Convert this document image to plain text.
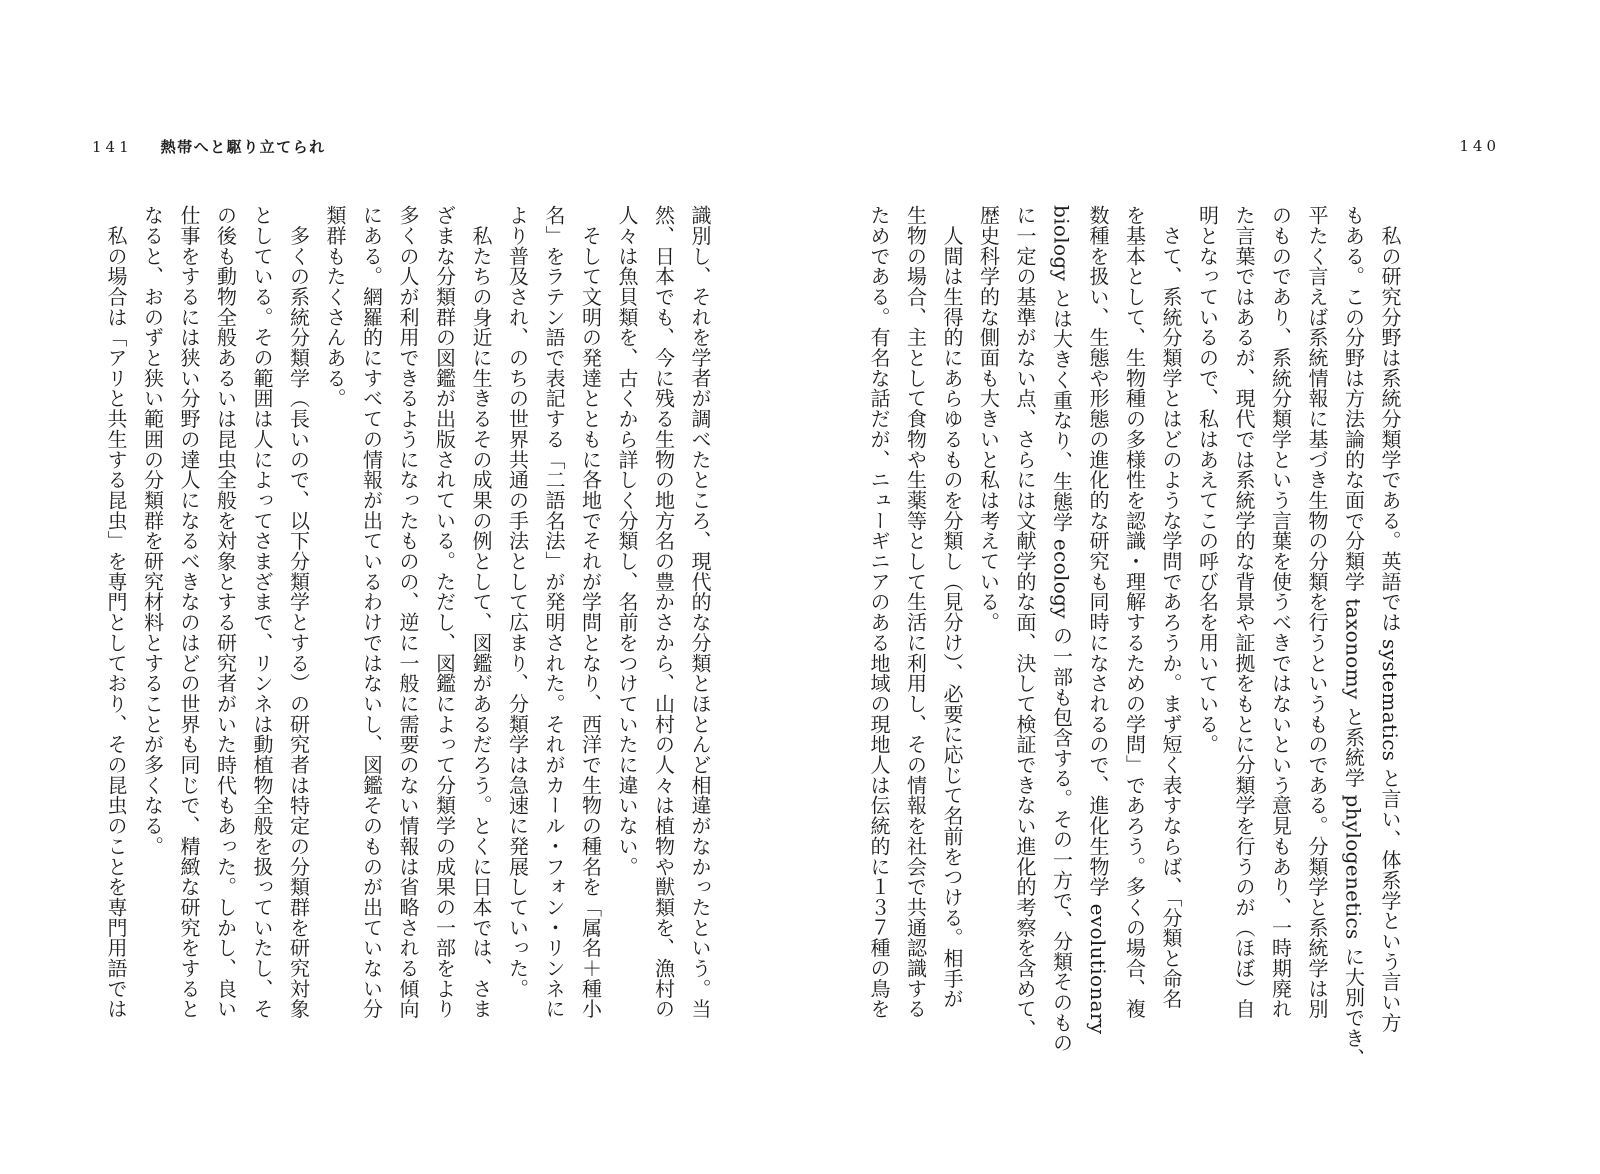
141 熱帯へと駆り立てられ	140
　私の研究分野は系統分類学である。英語では systematics と言い、体系学という言い方
もある。この分野は方法論的な面で分類学 taxonomy と系統学 phylogenetics に大別でき、
平たく言えば系統情報に基づき生物の分類を行うというものである。分類学と系統学は別
のものであり、系統分類学という言葉を使うべきではないという意見もあり、一時期廃れ
た言葉ではあるが、現代では系統学的な背景や証拠をもとに分類学を行うのが（ほぼ）自
明となっているので、私はあえてこの呼び名を用いている。
　さて、系統分類学とはどのような学問であろうか。まず短く表すならば、「分類と命名
を基本として、生物種の多様性を認識・理解するための学問」であろう。多くの場合、複
数種を扱い、生態や形態の進化的な研究も同時になされるので、進化生物学 evolutionary
biology とは大きく重なり、生態学 ecology の一部も包含する。その一方で、分類そのもの
に一定の基準がない点、さらには文献学的な面、決して検証できない進化的考察を含めて、
歴史科学的な側面も大きいと私は考えている。
　人間は生得的にあらゆるものを分類し（見分け）、必要に応じて名前をつける。相手が
生物の場合、主として食物や生薬等として生活に利用し、その情報を社会で共通認識する
ためである。有名な話だが、ニューギニアのある地域の現地人は伝統的に１３７種の鳥を
識別し、それを学者が調べたところ、現代的な分類とほとんど相違がなかったという。当
然、日本でも、今に残る生物の地方名の豊かさから、山村の人々は植物や獣類を、漁村の
人々は魚貝類を、古くから詳しく分類し、名前をつけていたに違いない。
　そして文明の発達とともに各地でそれが学問となり、西洋で生物の種名を「属名＋種小
名」をラテン語で表記する「二語名法」が発明された。それがカール・フォン・リンネに
より普及され、のちの世界共通の手法として広まり、分類学は急速に発展していった。
　私たちの身近に生きるその成果の例として、図鑑があるだろう。とくに日本では、さま
ざまな分類群の図鑑が出版されている。ただし、図鑑によって分類学の成果の一部をより
多くの人が利用できるようになったものの、逆に一般に需要のない情報は省略される傾向
にある。網羅的にすべての情報が出ているわけではないし、図鑑そのものが出ていない分
類群もたくさんある。
　多くの系統分類学（長いので、以下分類学とする）の研究者は特定の分類群を研究対象
としている。その範囲は人によってさまざまで、リンネは動植物全般を扱っていたし、そ
の後も動物全般あるいは昆虫全般を対象とする研究者がいた時代もあった。しかし、良い
仕事をするには狭い分野の達人になるべきなのはどの世界も同じで、精緻な研究をすると
なると、おのずと狭い範囲の分類群を研究材料とすることが多くなる。
　私の場合は「アリと共生する昆虫」を専門としており、その昆虫のことを専門用語では
